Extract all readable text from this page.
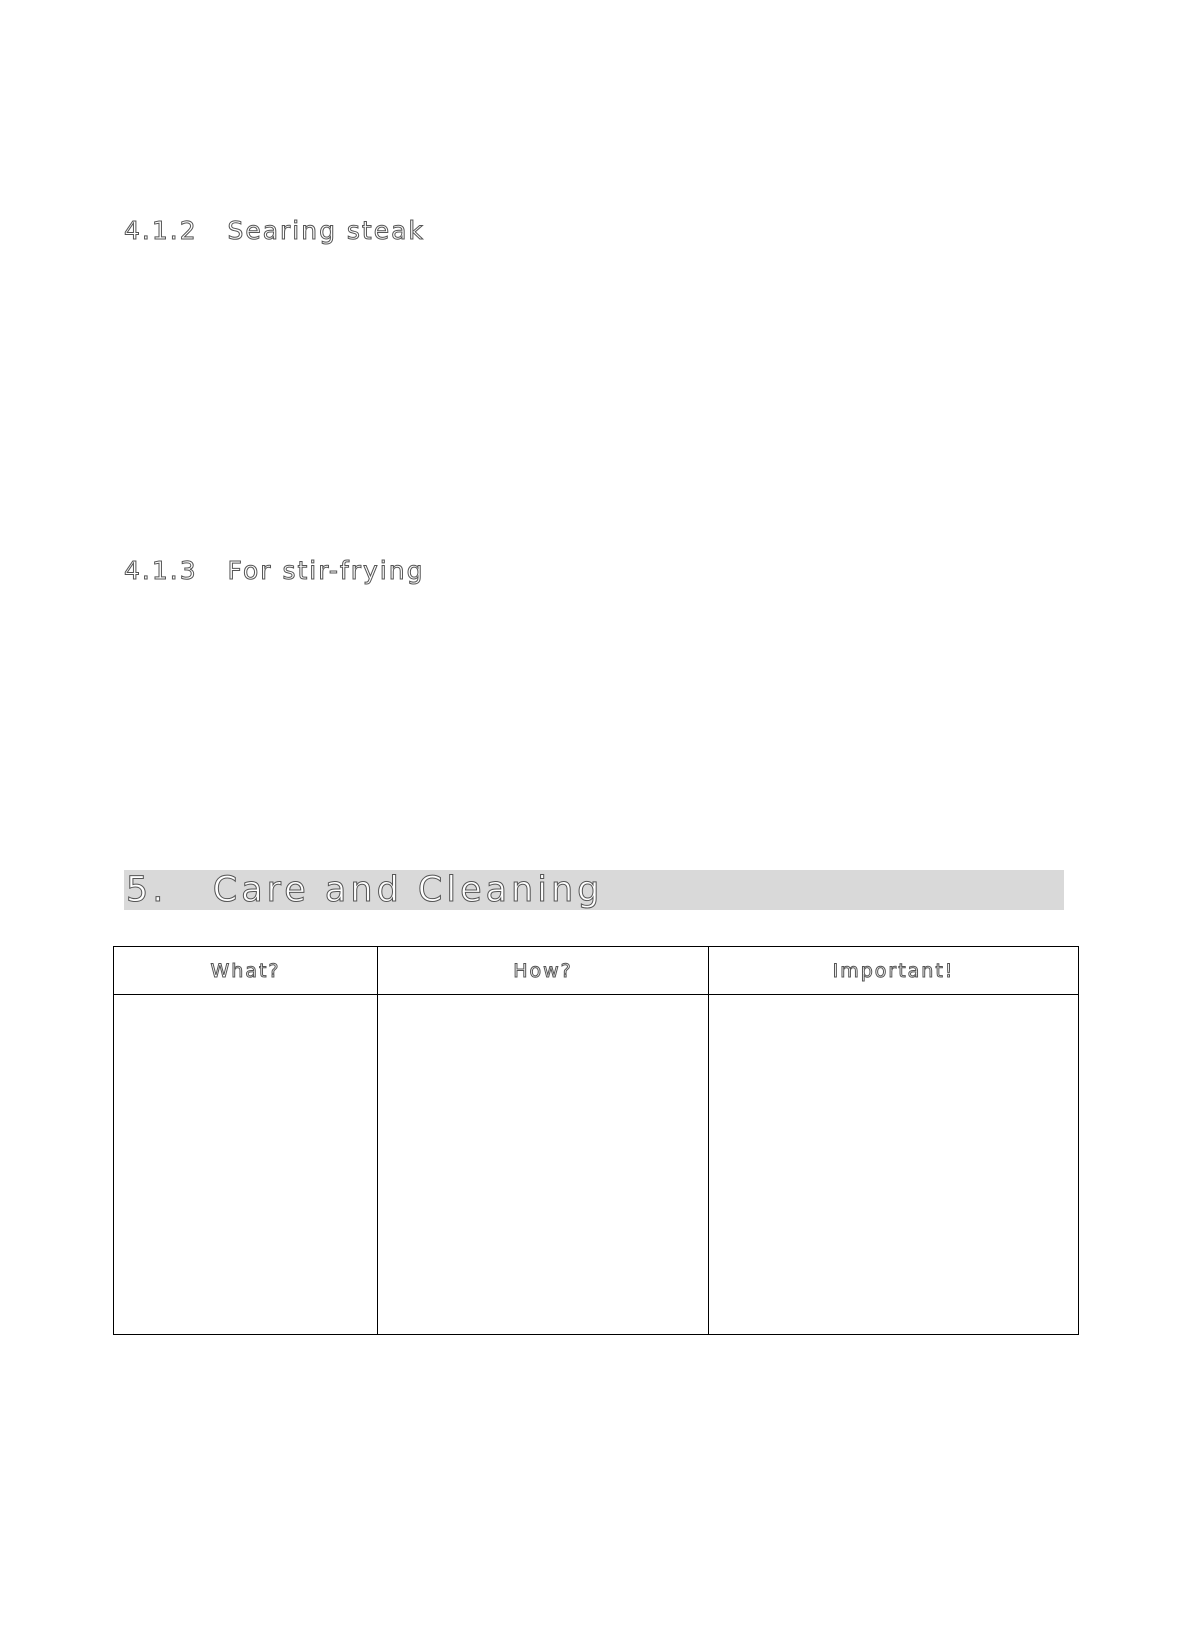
4.1.2   Searing steak
4.1.3   For stir-frying
5.   Care and Cleaning
What?	How?	Important!
